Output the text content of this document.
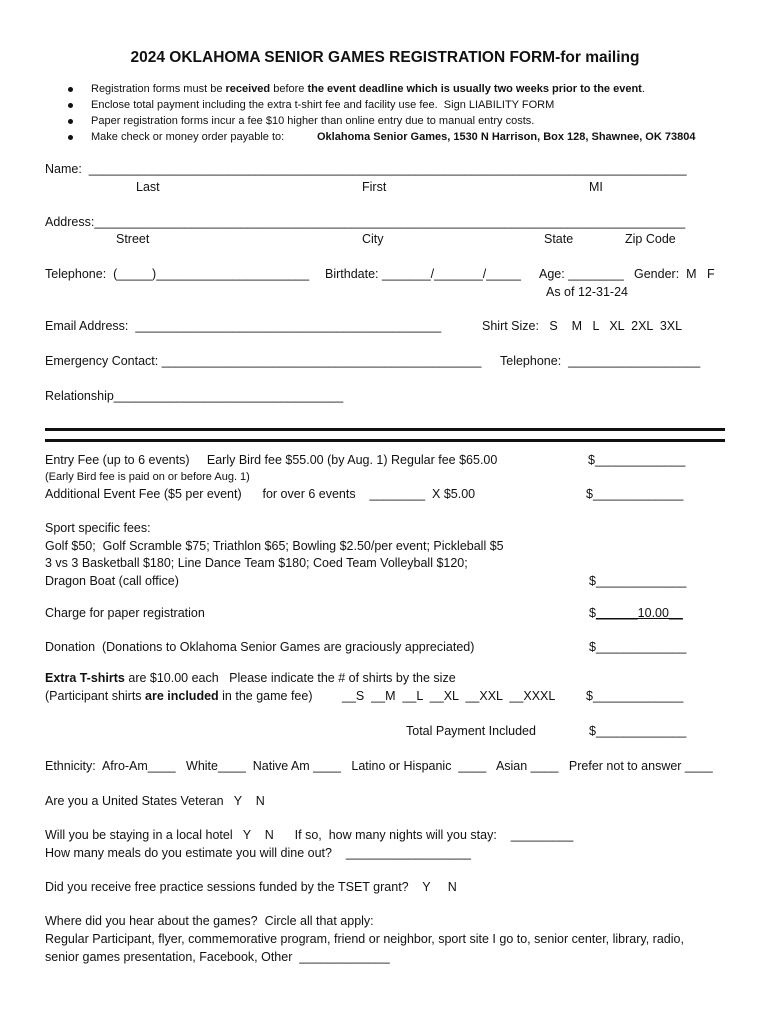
2024 OKLAHOMA SENIOR GAMES REGISTRATION FORM-for mailing
Registration forms must be received before the event deadline which is usually two weeks prior to the event.
Enclose total payment including the extra t-shirt fee and facility use fee.  Sign LIABILITY FORM
Paper registration forms incur a fee $10 higher than online entry due to manual entry costs.
Make check or money order payable to:	Oklahoma Senior Games, 1530 N Harrison, Box 128, Shawnee, OK 73804
Name:  ______________________________________________________________________________________
Last	First	MI
Address:_____________________________________________________________________________________
Street	City	State	Zip Code
Telephone:  (_____)______________________ Birthdate: _______/_______/_____ Age: ________ Gender:  M   F
As of 12-31-24
Email Address:  ____________________________________________	Shirt Size:   S    M   L   XL  2XL  3XL
Emergency Contact: ______________________________________________ Telephone:  ___________________
Relationship_________________________________
Entry Fee (up to 6 events)     Early Bird fee $55.00 (by Aug. 1) Regular fee $65.00	$_____________
(Early Bird fee is paid on or before Aug. 1)
Additional Event Fee ($5 per event)      for over 6 events    ________  X $5.00	$_____________
Sport specific fees:
Golf $50;  Golf Scramble $75; Triathlon $65; Bowling $2.50/per event; Pickleball $5
3 vs 3 Basketball $180; Line Dance Team $180; Coed Team Volleyball $120;
Dragon Boat (call office)	$_____________
Charge for paper registration	$______10.00__
Donation  (Donations to Oklahoma Senior Games are graciously appreciated)	$_____________
Extra T-shirts are $10.00 each   Please indicate the # of shirts by the size
(Participant shirts are included in the game fee) __S  __M  __L  __XL  __XXL  __XXXL $_____________
Total Payment Included	$_____________
Ethnicity:  Afro-Am____   White____  Native Am ____   Latino or Hispanic  ____   Asian ____   Prefer not to answer ____
Are you a United States Veteran   Y    N
Will you be staying in a local hotel   Y    N      If so,  how many nights will you stay:    _________
How many meals do you estimate you will dine out?    __________________
Did you receive free practice sessions funded by the TSET grant?    Y     N
Where did you hear about the games?  Circle all that apply:
Regular Participant, flyer, commemorative program, friend or neighbor, sport site I go to, senior center, library, radio,
senior games presentation, Facebook, Other  _____________
